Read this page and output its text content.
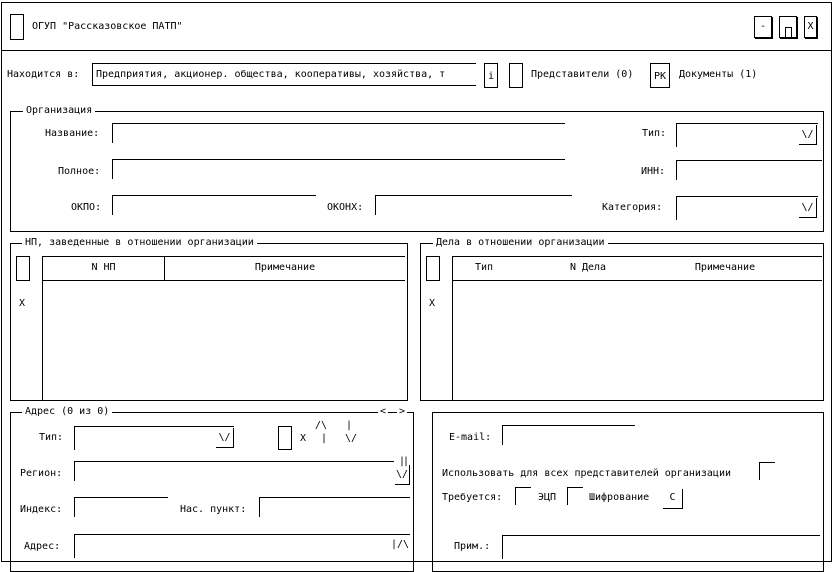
ОГУП "Рассказовское ПАТП"	-	X
Находится в: Предприятия, акционер. общества, кооперативы, хозяйства, т	i	Представители (0)	РК	Документы (1)
Организация
Название:	Тип:	\/
Полное:	ИНН:
ОКПО:	ОКОНХ:	Категория:	\/
НП, заведенные в отношении организации
X
N НП	Примечание
Дела в отношении организации
X
Тип	N Дела	Примечание
Адрес (0 из 0)	< >
Тип:	\/	X
/\
|
|
\/
Регион:
| |
\/
Индекс:	Нас. пункт:
Адрес:	|/\
E-mail:
Использовать для всех представителей организации
Требуется:	ЭЦП	Шифрование	С
Прим.:
